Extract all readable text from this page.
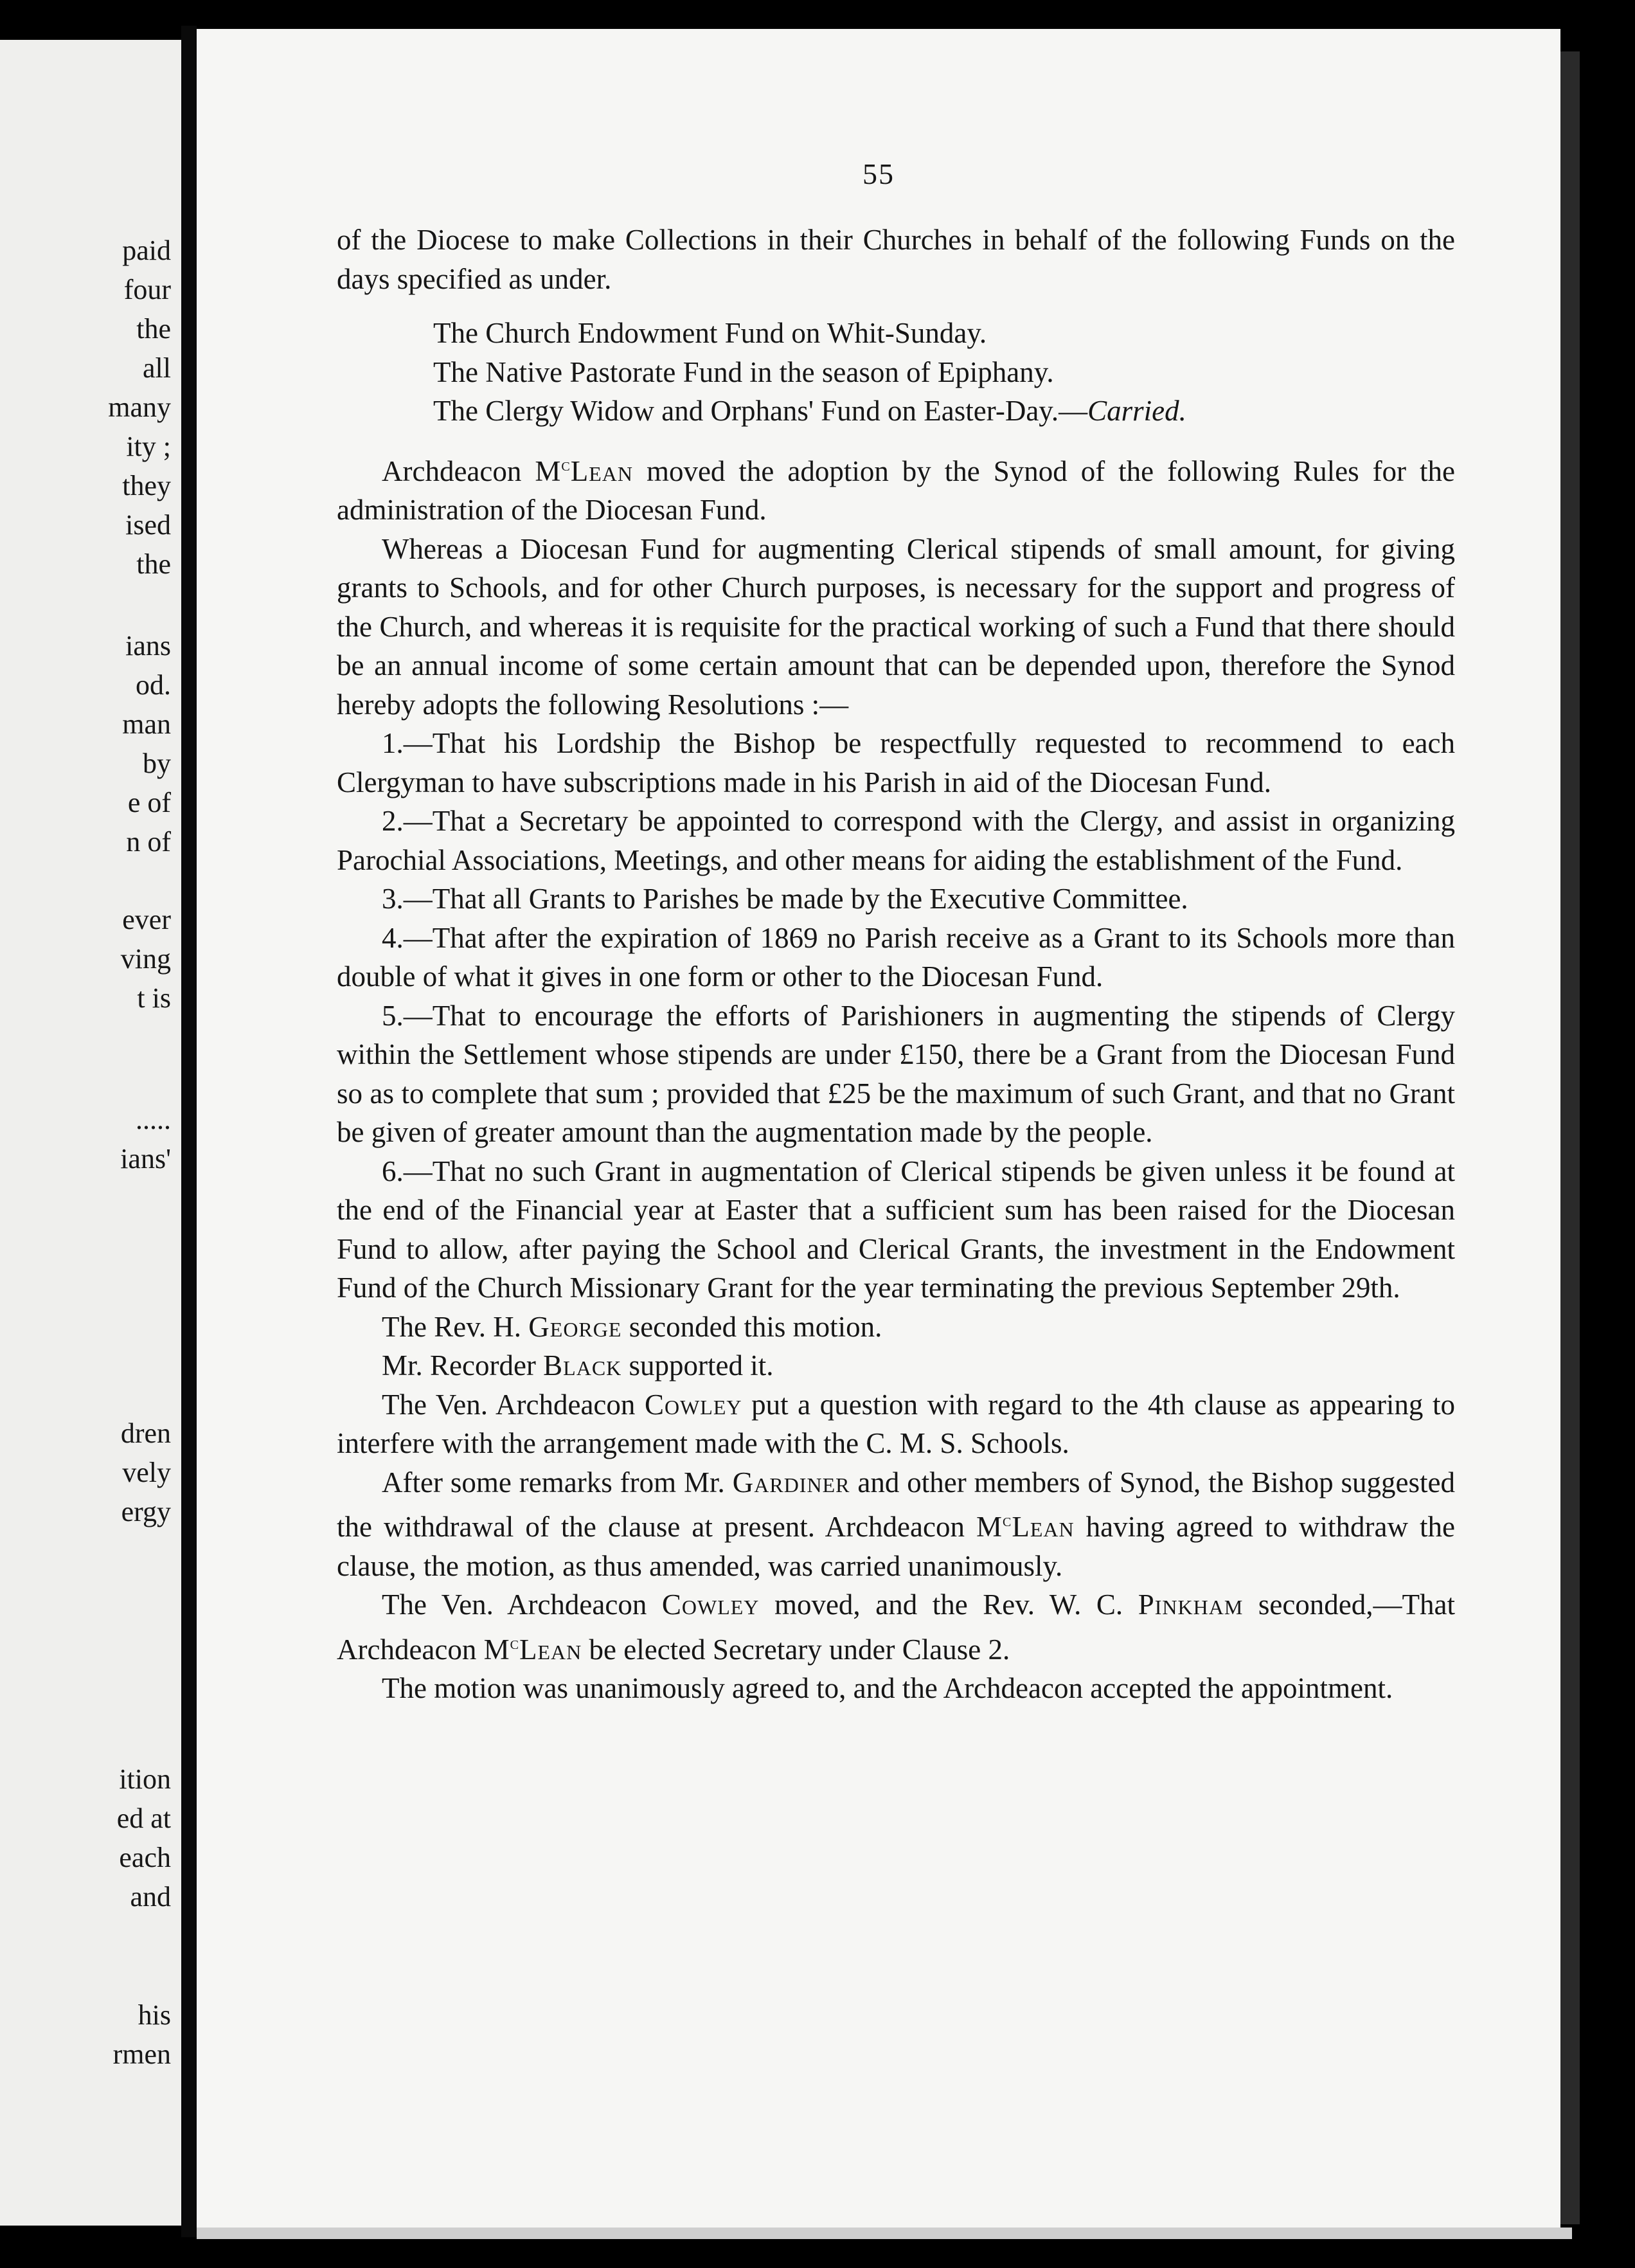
paid
four
the
all
many
ity ;
they
ised
the
ians
od.
man
by
e of
n of
ever
ving
t is
.....
ians'
dren
vely
ergy
ition
ed at
each
and
his
rmen
55

of the Diocese to make Collections in their Churches in behalf of the following Funds on the days specified as under.

The Church Endowment Fund on Whit-Sunday.
The Native Pastorate Fund in the season of Epiphany.
The Clergy Widow and Orphans' Fund on Easter-Day.—Carried.

Archdeacon $M^cLean$ moved the adoption by the Synod of the following Rules for the administration of the Diocesan Fund.

Whereas a Diocesan Fund for augmenting Clerical stipends of small amount, for giving grants to Schools, and for other Church purposes, is necessary for the support and progress of the Church, and whereas it is requisite for the practical working of such a Fund that there should be an annual income of some certain amount that can be depended upon, therefore the Synod hereby adopts the following Resolutions :—

1.—That his Lordship the Bishop be respectfully requested to recommend to each Clergyman to have subscriptions made in his Parish in aid of the Diocesan Fund.

2.—That a Secretary be appointed to correspond with the Clergy, and assist in organizing Parochial Associations, Meetings, and other means for aiding the establishment of the Fund.

3.—That all Grants to Parishes be made by the Executive Committee.

4.—That after the expiration of 1869 no Parish receive as a Grant to its Schools more than double of what it gives in one form or other to the Diocesan Fund.

5.—That to encourage the efforts of Parishioners in augmenting the stipends of Clergy within the Settlement whose stipends are under £150, there be a Grant from the Diocesan Fund so as to complete that sum ; provided that £25 be the maximum of such Grant, and that no Grant be given of greater amount than the augmentation made by the people.

6.—That no such Grant in augmentation of Clerical stipends be given unless it be found at the end of the Financial year at Easter that a sufficient sum has been raised for the Diocesan Fund to allow, after paying the School and Clerical Grants, the investment in the Endowment Fund of the Church Missionary Grant for the year terminating the previous September 29th.

The Rev. H. George seconded this motion.

Mr. Recorder Black supported it.

The Ven. Archdeacon Cowley put a question with regard to the 4th clause as appearing to interfere with the arrangement made with the C. M. S. Schools.

After some remarks from Mr. Gardiner and other members of Synod, the Bishop suggested the withdrawal of the clause at present. Archdeacon $M^cLean$ having agreed to withdraw the clause, the motion, as thus amended, was carried unanimously.

The Ven. Archdeacon Cowley moved, and the Rev. W. C. Pinkham seconded,—That Archdeacon $M^cLean$ be elected Secretary under Clause 2.

The motion was unanimously agreed to, and the Archdeacon accepted the appointment.
